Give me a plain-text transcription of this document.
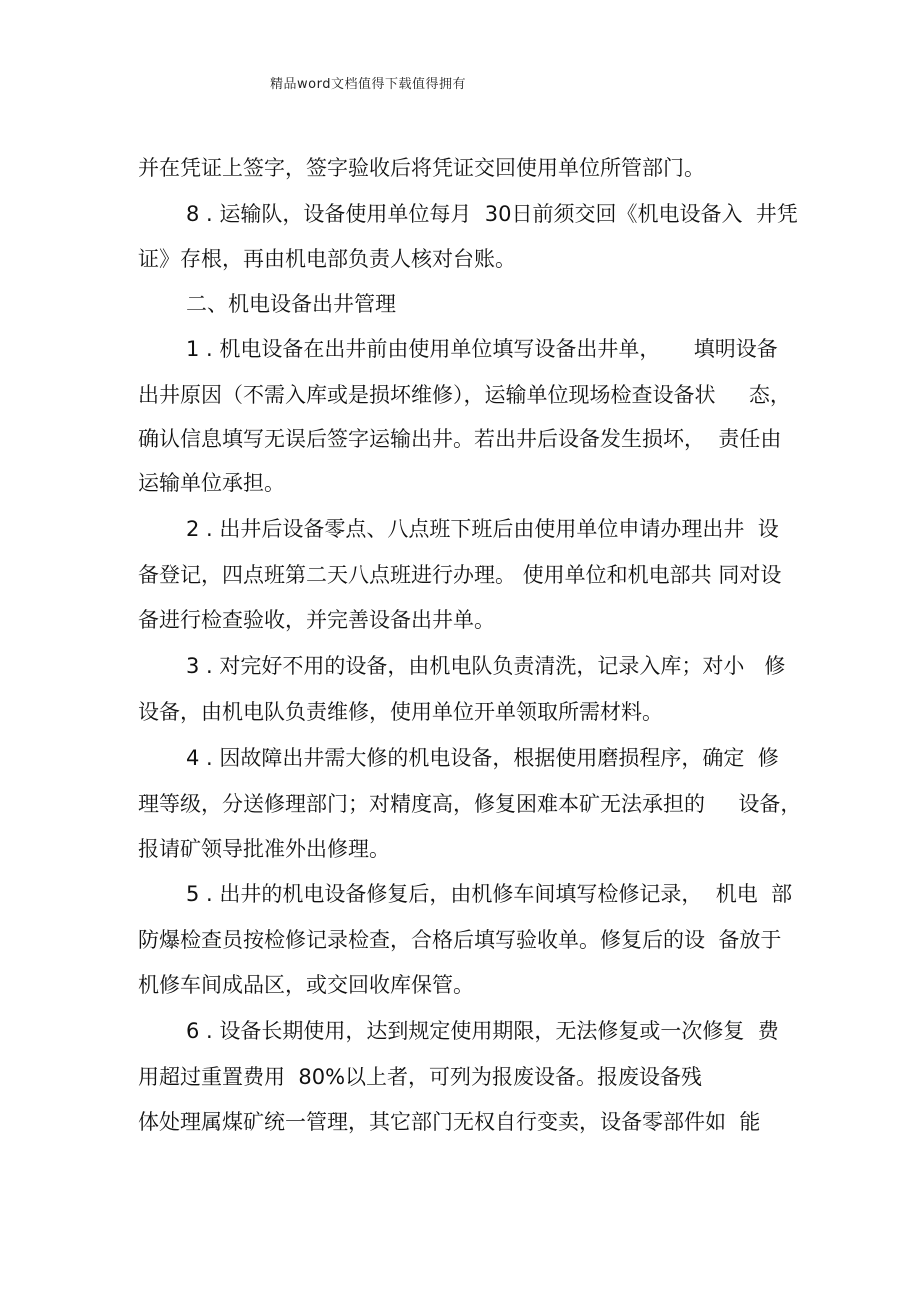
精品word文档值得下载值得拥有
并在凭证上签字，签字验收后将凭证交回使用单位所管部门。
8 . 运输队，设备使用单位每月  30日前须交回《机电设备入  井凭
证》存根，再由机电部负责人核对台账。
二、机电设备出井管理
1 . 机电设备在出井前由使用单位填写设备出井单，     填明设备
出井原因（不需入库或是损坏维修），运输单位现场检查设备状     态，
确认信息填写无误后签字运输出井。若出井后设备发生损坏，  责任由
运输单位承担。
2 . 出井后设备零点、八点班下班后由使用单位申请办理出井  设
备登记，四点班第二天八点班进行办理。 使用单位和机电部共 同对设
备进行检查验收，并完善设备出井单。
3 . 对完好不用的设备，由机电队负责清洗，记录入库；对小   修
设备，由机电队负责维修，使用单位开单领取所需材料。
4 . 因故障出井需大修的机电设备，根据使用磨损程序，确定  修
理等级，分送修理部门；对精度高，修复困难本矿无法承担的     设备，
报请矿领导批准外出修理。
5 . 出井的机电设备修复后，由机修车间填写检修记录，  机电  部
防爆检查员按检修记录检查，合格后填写验收单。修复后的设  备放于
机修车间成品区，或交回收库保管。
6 . 设备长期使用，达到规定使用期限，无法修复或一次修复  费
用超过重置费用  80%以上者，可列为报废设备。报废设备残
体处理属煤矿统一管理，其它部门无权自行变卖，设备零部件如  能
